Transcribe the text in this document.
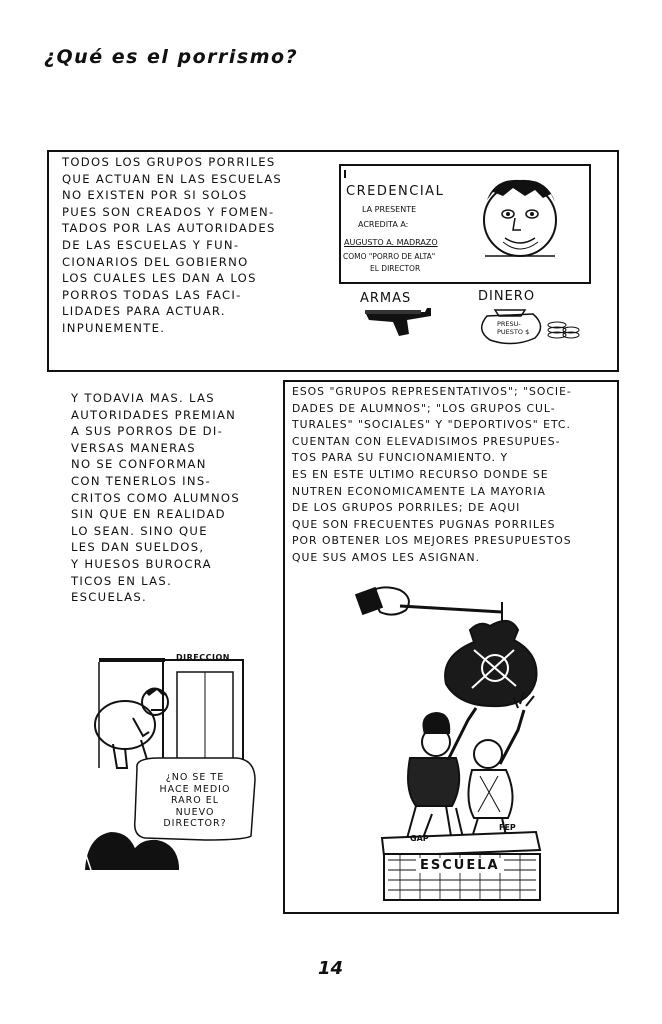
¿Qué es el porrismo?
TODOS LOS GRUPOS PORRILES
QUE ACTUAN EN LAS ESCUELAS
NO EXISTEN POR SI SOLOS
PUES SON CREADOS Y FOMEN-
TADOS POR LAS AUTORIDADES
DE LAS ESCUELAS Y FUN-
CIONARIOS DEL GOBIERNO
LOS CUALES LES DAN A LOS
PORROS TODAS LAS FACI-
LIDADES PARA ACTUAR.
INPUNEMENTE.
CREDENCIAL
LA PRESENTE
ACREDITA A:
AUGUSTO A. MADRAZO
COMO "PORRO DE ALTA"
EL DIRECTOR
ARMAS	DINERO
PRESU-
PUESTO $
Y TODAVIA MAS. LAS
AUTORIDADES PREMIAN
A SUS PORROS DE DI-
VERSAS MANERAS
NO SE CONFORMAN
CON TENERLOS INS-
CRITOS COMO ALUMNOS
SIN QUE EN REALIDAD
LO SEAN. SINO QUE
LES DAN SUELDOS,
Y HUESOS BUROCRA
TICOS EN LAS.
ESCUELAS.
DIRECCION
¿NO SE TE
HACE MEDIO
RARO EL
NUEVO
DIRECTOR?
ESOS "GRUPOS REPRESENTATIVOS"; "SOCIE-
DADES DE ALUMNOS"; "LOS GRUPOS CUL-
TURALES" "SOCIALES" Y "DEPORTIVOS" ETC.
CUENTAN CON ELEVADISIMOS PRESUPUES-
TOS PARA SU FUNCIONAMIENTO. Y
ES EN ESTE ULTIMO RECURSO DONDE SE
NUTREN ECONOMICAMENTE LA MAYORIA
DE LOS GRUPOS PORRILES; DE AQUI
QUE SON FRECUENTES PUGNAS PORRILES
POR OBTENER LOS MEJORES PRESUPUESTOS
QUE SUS AMOS LES ASIGNAN.
GAP
FEP
ESCUELA
14
